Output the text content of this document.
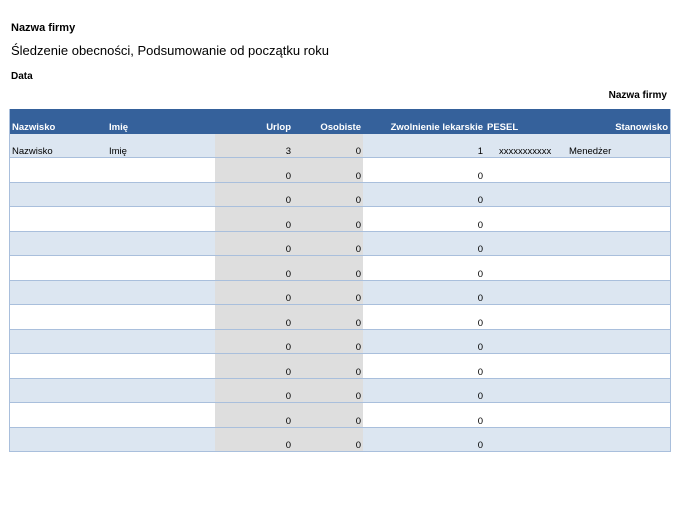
Nazwa firmy
Śledzenie obecności, Podsumowanie od początku roku
Data
Nazwa firmy
Nazwisko	Imię	Urlop	Osobiste	Zwolnienie lekarskie	PESEL	Stanowisko
Nazwisko	Imię	3	0	1	xxxxxxxxxxx	Menedżer
		0	0	0		
		0	0	0		
		0	0	0		
		0	0	0		
		0	0	0		
		0	0	0		
		0	0	0		
		0	0	0		
		0	0	0		
		0	0	0		
		0	0	0		
		0	0	0		
